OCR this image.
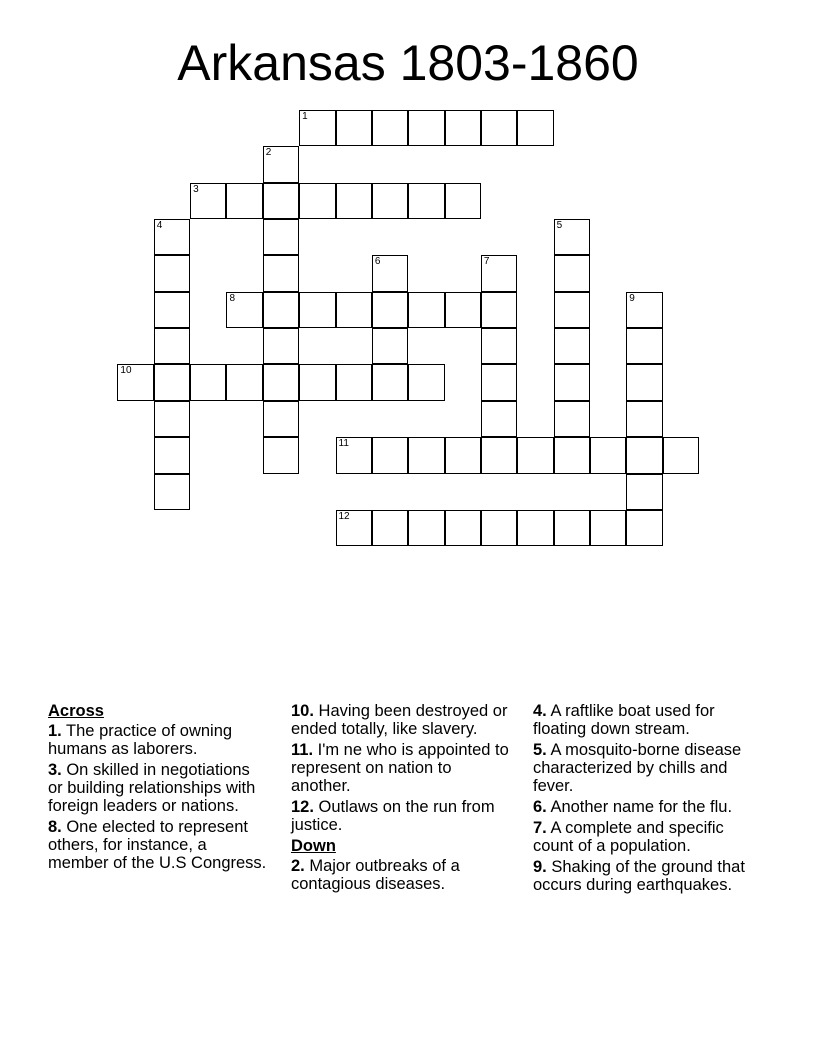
Arkansas 1803-1860
1
2
3
4	5
6	7
8	9
10
11
12
Across
1. The practice of owning humans as laborers.
3. On skilled in negotiations or building relationships with foreign leaders or nations.
8. One elected to represent others, for instance, a member of the U.S Congress.
10. Having been destroyed or ended totally, like slavery.
11. I'm ne who is appointed to represent on nation to another.
12. Outlaws on the run from justice.
Down
2. Major outbreaks of a contagious diseases.
4. A raftlike boat used for floating down stream.
5. A mosquito-borne disease characterized by chills and fever.
6. Another name for the flu.
7. A complete and specific count of a population.
9. Shaking of the ground that occurs during earthquakes.
